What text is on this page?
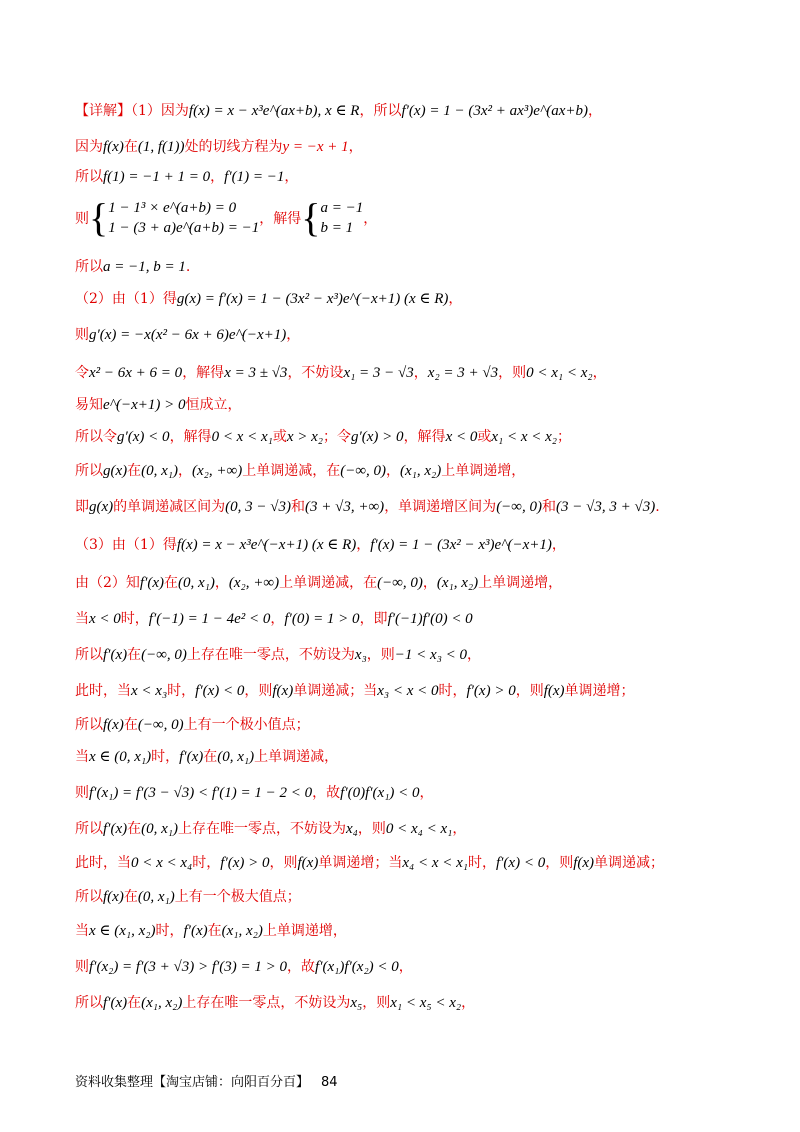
【详解】（1）因为f(x) = x − x³e^(ax+b), x ∈ R，所以f′(x) = 1 − (3x² + ax³)e^(ax+b)，
因为f(x)在(1, f(1))处的切线方程为y = −x + 1，
所以f(1) = −1 + 1 = 0，f′(1) = −1，
则{ 1 − 1³ × e^(a+b) = 0
1 − (3 + a)e^(a+b) = −1
，解得{ a = −1
b = 1
，
所以a = −1, b = 1.
（2）由（1）得g(x) = f′(x) = 1 − (3x² − x³)e^(−x+1) (x ∈ R)，
则g′(x) = −x(x² − 6x + 6)e^(−x+1)，
令x² − 6x + 6 = 0，解得x = 3 ± √3，不妨设x₁ = 3 − √3，x₂ = 3 + √3，则0 < x₁ < x₂，
易知e^(−x+1) > 0恒成立，
所以令g′(x) < 0，解得0 < x < x₁或x > x₂；令g′(x) > 0，解得x < 0或x₁ < x < x₂；
所以g(x)在(0, x₁)，(x₂, +∞)上单调递减，在(−∞, 0)，(x₁, x₂)上单调递增，
即g(x)的单调递减区间为(0, 3 − √3)和(3 + √3, +∞)，单调递增区间为(−∞, 0)和(3 − √3, 3 + √3).
（3）由（1）得f(x) = x − x³e^(−x+1) (x ∈ R)，f′(x) = 1 − (3x² − x³)e^(−x+1)，
由（2）知f′(x)在(0, x₁)，(x₂, +∞)上单调递减，在(−∞, 0)，(x₁, x₂)上单调递增，
当x < 0时，f′(−1) = 1 − 4e² < 0，f′(0) = 1 > 0，即f′(−1)f′(0) < 0
所以f′(x)在(−∞, 0)上存在唯一零点，不妨设为x₃，则−1 < x₃ < 0，
此时，当x < x₃时，f′(x) < 0，则f(x)单调递减；当x₃ < x < 0时，f′(x) > 0，则f(x)单调递增；
所以f(x)在(−∞, 0)上有一个极小值点；
当x ∈ (0, x₁)时，f′(x)在(0, x₁)上单调递减，
则f′(x₁) = f′(3 − √3) < f′(1) = 1 − 2 < 0，故f′(0)f′(x₁) < 0，
所以f′(x)在(0, x₁)上存在唯一零点，不妨设为x₄，则0 < x₄ < x₁，
此时，当0 < x < x₄时，f′(x) > 0，则f(x)单调递增；当x₄ < x < x₁时，f′(x) < 0，则f(x)单调递减；
所以f(x)在(0, x₁)上有一个极大值点；
当x ∈ (x₁, x₂)时，f′(x)在(x₁, x₂)上单调递增，
则f′(x₂) = f′(3 + √3) > f′(3) = 1 > 0，故f′(x₁)f′(x₂) < 0，
所以f′(x)在(x₁, x₂)上存在唯一零点，不妨设为x₅，则x₁ < x₅ < x₂，
资料收集整理【淘宝店铺：向阳百分百】 84
